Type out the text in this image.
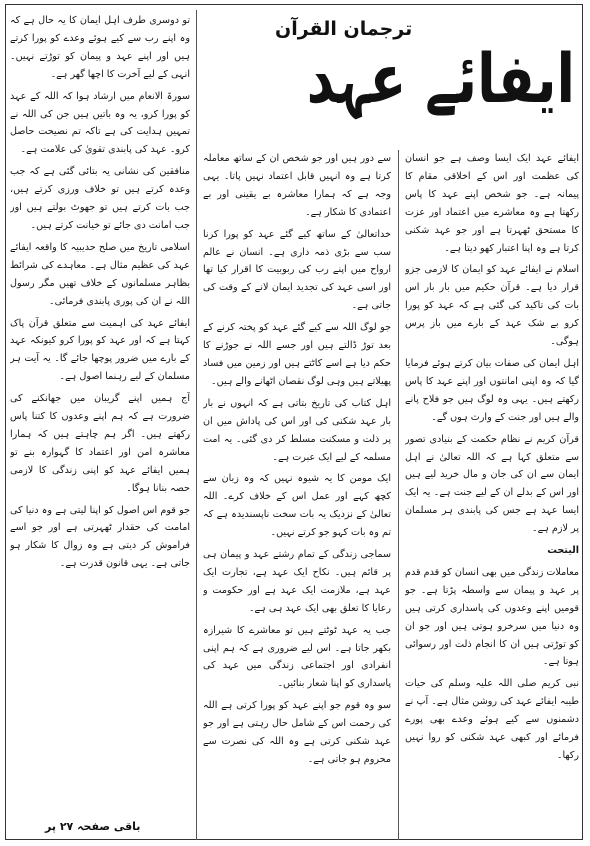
ترجمان القرآن
ایفائے عہد

ایفائے عہد ایک ایسا وصف ہے جو انسان کی عظمت اور اس کے اخلاقی مقام کا پیمانہ ہے۔ جو شخص اپنے عہد کا پاس رکھتا ہے وہ معاشرے میں اعتماد اور عزت کا مستحق ٹھہرتا ہے اور جو عہد شکنی کرتا ہے وہ اپنا اعتبار کھو دیتا ہے۔

اسلام نے ایفائے عہد کو ایمان کا لازمی جزو قرار دیا ہے۔ قرآن حکیم میں بار بار اس بات کی تاکید کی گئی ہے کہ عہد کو پورا کرو بے شک عہد کے بارے میں باز پرس ہوگی۔

اہل ایمان کی صفات بیان کرتے ہوئے فرمایا گیا کہ وہ اپنی امانتوں اور اپنے عہد کا پاس رکھتے ہیں۔ یہی وہ لوگ ہیں جو فلاح پانے والے ہیں اور جنت کے وارث ہوں گے۔

قرآن کریم نے نظام حکمت کے بنیادی تصور سے متعلق کہا ہے کہ اللہ تعالیٰ نے اہل ایمان سے ان کی جان و مال خرید لیے ہیں اور اس کے بدلے ان کے لیے جنت ہے۔ یہ ایک ایسا عہد ہے جس کی پابندی ہر مسلمان پر لازم ہے۔

الیتحت

معاملات زندگی میں بھی انسان کو قدم قدم پر عہد و پیمان سے واسطہ پڑتا ہے۔ جو قومیں اپنے وعدوں کی پاسداری کرتی ہیں وہ دنیا میں سرخرو ہوتی ہیں اور جو ان کو توڑتی ہیں ان کا انجام ذلت اور رسوائی ہوتا ہے۔

نبی کریم صلی اللہ علیہ وسلم کی حیات طیبہ ایفائے عہد کی روشن مثال ہے۔ آپ نے دشمنوں سے کیے ہوئے وعدے بھی پورے فرمائے اور کبھی عہد شکنی کو روا نہیں رکھا۔

سے دور ہیں اور جو شخص ان کے ساتھ معاملہ کرتا ہے وہ انہیں قابل اعتماد نہیں پاتا۔ یہی وجہ ہے کہ ہمارا معاشرہ بے یقینی اور بے اعتمادی کا شکار ہے۔

خداتعالیٰ کے ساتھ کیے گئے عہد کو پورا کرنا سب سے بڑی ذمہ داری ہے۔ انسان نے عالم ارواح میں اپنے رب کی ربوبیت کا اقرار کیا تھا اور اسی عہد کی تجدید ایمان لانے کے وقت کی جاتی ہے۔

جو لوگ اللہ سے کیے گئے عہد کو پختہ کرنے کے بعد توڑ ڈالتے ہیں اور جسے اللہ نے جوڑنے کا حکم دیا ہے اسے کاٹتے ہیں اور زمین میں فساد پھیلاتے ہیں وہی لوگ نقصان اٹھانے والے ہیں۔

اہل کتاب کی تاریخ بتاتی ہے کہ انہوں نے بار بار عہد شکنی کی اور اس کی پاداش میں ان پر ذلت و مسکنت مسلط کر دی گئی۔ یہ امت مسلمہ کے لیے ایک عبرت ہے۔

ایک مومن کا یہ شیوہ نہیں کہ وہ زبان سے کچھ کہے اور عمل اس کے خلاف کرے۔ اللہ تعالیٰ کے نزدیک یہ بات سخت ناپسندیدہ ہے کہ تم وہ بات کہو جو کرتے نہیں۔

سماجی زندگی کے تمام رشتے عہد و پیمان ہی پر قائم ہیں۔ نکاح ایک عہد ہے، تجارت ایک عہد ہے، ملازمت ایک عہد ہے اور حکومت و رعایا کا تعلق بھی ایک عہد ہی ہے۔

جب یہ عہد ٹوٹتے ہیں تو معاشرے کا شیرازہ بکھر جاتا ہے۔ اس لیے ضروری ہے کہ ہم اپنی انفرادی اور اجتماعی زندگی میں عہد کی پاسداری کو اپنا شعار بنائیں۔

سو وہ قوم جو اپنے عہد کو پورا کرتی ہے اللہ کی رحمت اس کے شامل حال رہتی ہے اور جو عہد شکنی کرتی ہے وہ اللہ کی نصرت سے محروم ہو جاتی ہے۔

تو دوسری طرف اہل ایمان کا یہ حال ہے کہ وہ اپنے رب سے کیے ہوئے وعدے کو پورا کرتے ہیں اور اپنے عہد و پیمان کو توڑتے نہیں۔ انہی کے لیے آخرت کا اچھا گھر ہے۔

سورۃ الانعام میں ارشاد ہوا کہ اللہ کے عہد کو پورا کرو، یہ وہ باتیں ہیں جن کی اللہ نے تمہیں ہدایت کی ہے تاکہ تم نصیحت حاصل کرو۔ عہد کی پابندی تقویٰ کی علامت ہے۔

منافقین کی نشانی یہ بتائی گئی ہے کہ جب وعدہ کرتے ہیں تو خلاف ورزی کرتے ہیں، جب بات کرتے ہیں تو جھوٹ بولتے ہیں اور جب امانت دی جائے تو خیانت کرتے ہیں۔

اسلامی تاریخ میں صلح حدیبیہ کا واقعہ ایفائے عہد کی عظیم مثال ہے۔ معاہدے کی شرائط بظاہر مسلمانوں کے خلاف تھیں مگر رسول اللہ نے ان کی پوری پابندی فرمائی۔

ایفائے عہد کی اہمیت سے متعلق قرآن پاک کہتا ہے کہ اور عہد کو پورا کرو کیونکہ عہد کے بارے میں ضرور پوچھا جائے گا۔ یہ آیت ہر مسلمان کے لیے رہنما اصول ہے۔

آج ہمیں اپنے گریبان میں جھانکنے کی ضرورت ہے کہ ہم اپنے وعدوں کا کتنا پاس رکھتے ہیں۔ اگر ہم چاہتے ہیں کہ ہمارا معاشرہ امن اور اعتماد کا گہوارہ بنے تو ہمیں ایفائے عہد کو اپنی زندگی کا لازمی حصہ بنانا ہوگا۔

جو قوم اس اصول کو اپنا لیتی ہے وہ دنیا کی امامت کی حقدار ٹھہرتی ہے اور جو اسے فراموش کر دیتی ہے وہ زوال کا شکار ہو جاتی ہے۔ یہی قانون قدرت ہے۔

باقی صفحہ ۲۷ پر
